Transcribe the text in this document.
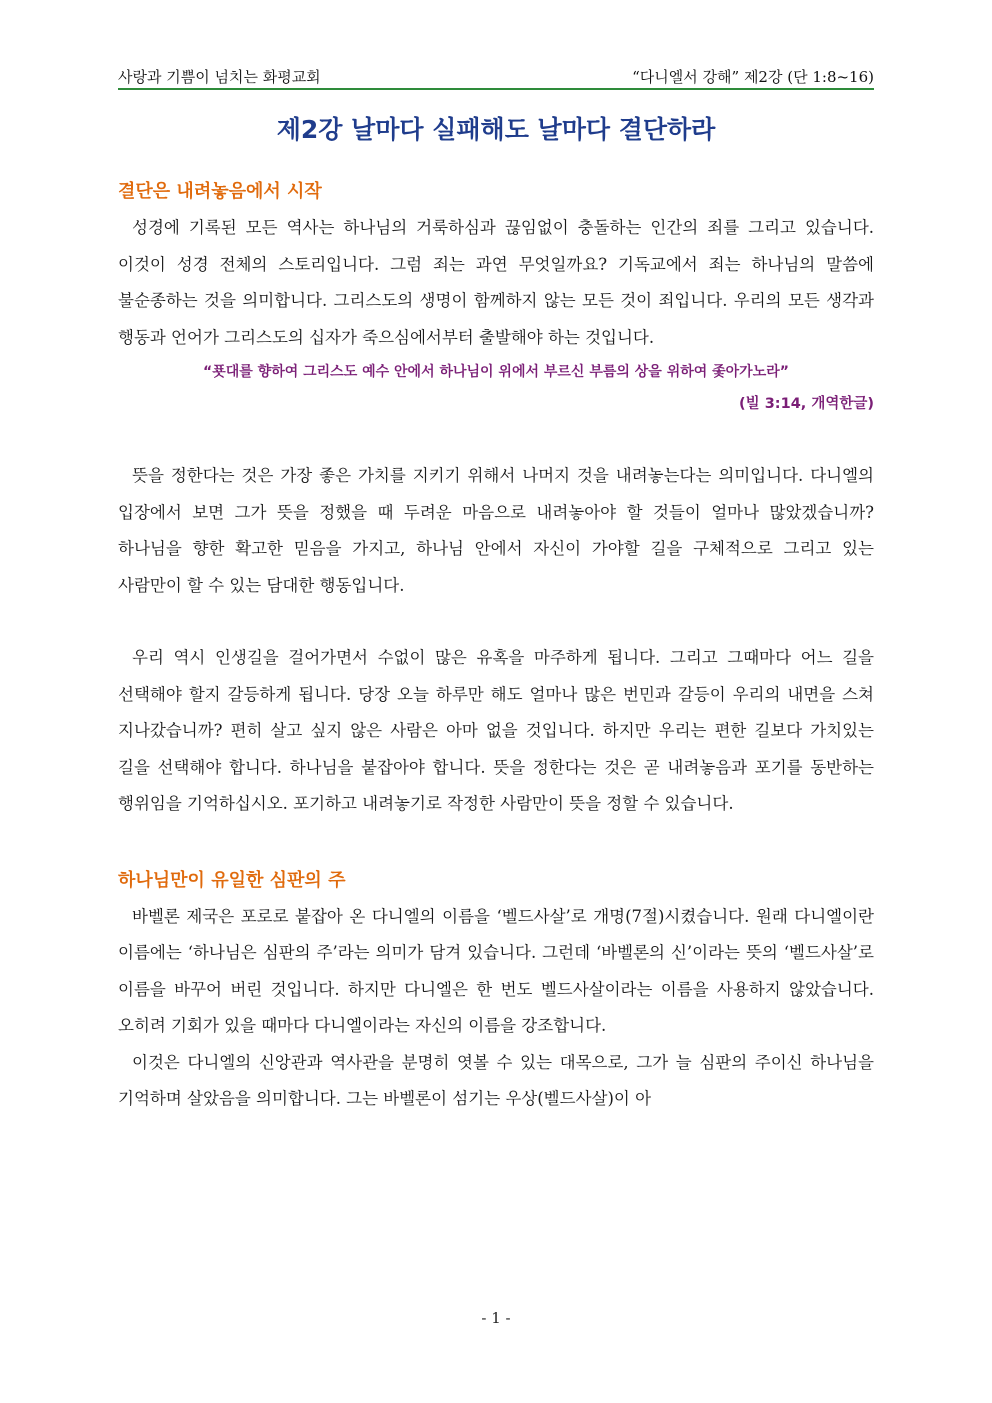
사랑과 기쁨이 넘치는 화평교회	“다니엘서 강해” 제2강 (단 1:8~16)
제2강 날마다 실패해도 날마다 결단하라
결단은 내려놓음에서 시작

성경에 기록된 모든 역사는 하나님의 거룩하심과 끊임없이 충돌하는 인간의 죄를 그리고 있습니다. 이것이 성경 전체의 스토리입니다. 그럼 죄는 과연 무엇일까요? 기독교에서 죄는 하나님의 말씀에 불순종하는 것을 의미합니다. 그리스도의 생명이 함께하지 않는 모든 것이 죄입니다. 우리의 모든 생각과 행동과 언어가 그리스도의 십자가 죽으심에서부터 출발해야 하는 것입니다.

“푯대를 향하여 그리스도 예수 안에서 하나님이 위에서 부르신 부름의 상을 위하여 좇아가노라”

(빌 3:14, 개역한글)

뜻을 정한다는 것은 가장 좋은 가치를 지키기 위해서 나머지 것을 내려놓는다는 의미입니다. 다니엘의 입장에서 보면 그가 뜻을 정했을 때 두려운 마음으로 내려놓아야 할 것들이 얼마나 많았겠습니까? 하나님을 향한 확고한 믿음을 가지고, 하나님 안에서 자신이 가야할 길을 구체적으로 그리고 있는 사람만이 할 수 있는 담대한 행동입니다.

우리 역시 인생길을 걸어가면서 수없이 많은 유혹을 마주하게 됩니다. 그리고 그때마다 어느 길을 선택해야 할지 갈등하게 됩니다. 당장 오늘 하루만 해도 얼마나 많은 번민과 갈등이 우리의 내면을 스쳐 지나갔습니까? 편히 살고 싶지 않은 사람은 아마 없을 것입니다. 하지만 우리는 편한 길보다 가치있는 길을 선택해야 합니다. 하나님을 붙잡아야 합니다. 뜻을 정한다는 것은 곧 내려놓음과 포기를 동반하는 행위임을 기억하십시오. 포기하고 내려놓기로 작정한 사람만이 뜻을 정할 수 있습니다.

하나님만이 유일한 심판의 주

바벨론 제국은 포로로 붙잡아 온 다니엘의 이름을 ‘벨드사살’로 개명(7절)시켰습니다. 원래 다니엘이란 이름에는 ‘하나님은 심판의 주’라는 의미가 담겨 있습니다. 그런데 ‘바벨론의 신’이라는 뜻의 ‘벨드사살’로 이름을 바꾸어 버린 것입니다. 하지만 다니엘은 한 번도 벨드사살이라는 이름을 사용하지 않았습니다. 오히려 기회가 있을 때마다 다니엘이라는 자신의 이름을 강조합니다.

이것은 다니엘의 신앙관과 역사관을 분명히 엿볼 수 있는 대목으로, 그가 늘 심판의 주이신 하나님을 기억하며 살았음을 의미합니다. 그는 바벨론이 섬기는 우상(벨드사살)이 아

- 1 -
